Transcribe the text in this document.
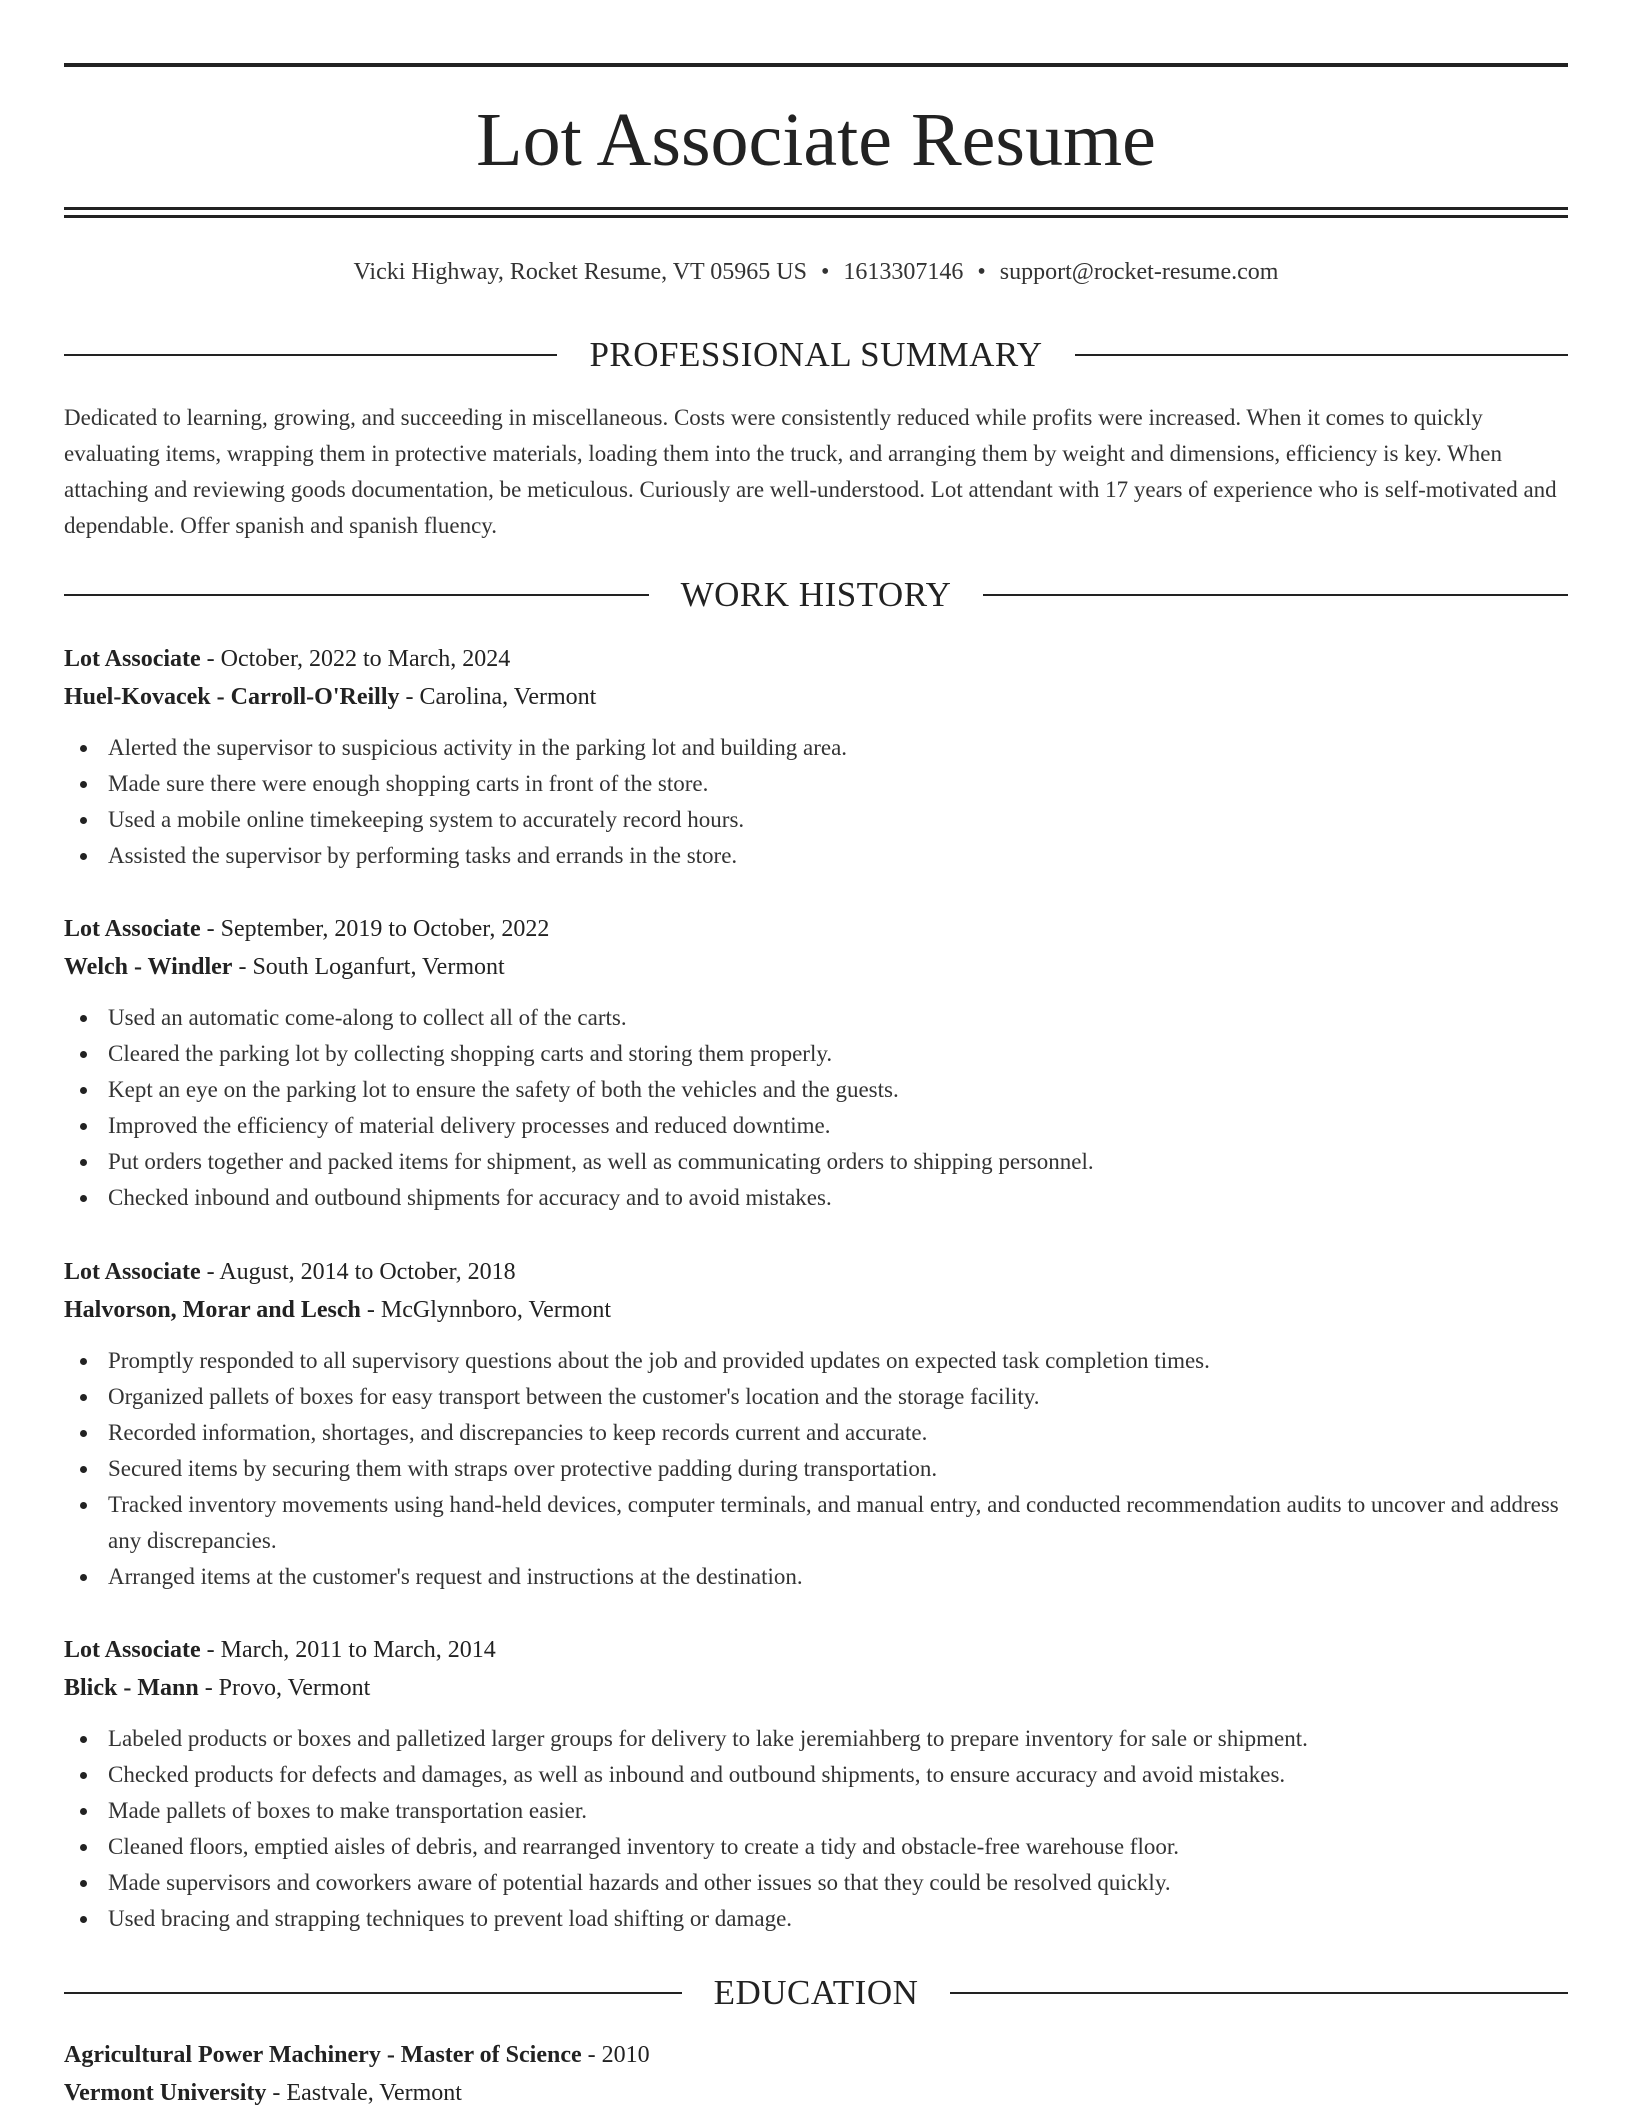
Lot Associate Resume
Vicki Highway, Rocket Resume, VT 05965 US • 1613307146 • support@rocket-resume.com
PROFESSIONAL SUMMARY

Dedicated to learning, growing, and succeeding in miscellaneous. Costs were consistently reduced while profits were increased. When it comes to quickly evaluating items, wrapping them in protective materials, loading them into the truck, and arranging them by weight and dimensions, efficiency is key. When attaching and reviewing goods documentation, be meticulous. Curiously are well-understood. Lot attendant with 17 years of experience who is self-motivated and dependable. Offer spanish and spanish fluency.

WORK HISTORY
Lot Associate - October, 2022 to March, 2024
Huel-Kovacek - Carroll-O'Reilly - Carolina, Vermont
Alerted the supervisor to suspicious activity in the parking lot and building area.
Made sure there were enough shopping carts in front of the store.
Used a mobile online timekeeping system to accurately record hours.
Assisted the supervisor by performing tasks and errands in the store.
Lot Associate - September, 2019 to October, 2022
Welch - Windler - South Loganfurt, Vermont
Used an automatic come-along to collect all of the carts.
Cleared the parking lot by collecting shopping carts and storing them properly.
Kept an eye on the parking lot to ensure the safety of both the vehicles and the guests.
Improved the efficiency of material delivery processes and reduced downtime.
Put orders together and packed items for shipment, as well as communicating orders to shipping personnel.
Checked inbound and outbound shipments for accuracy and to avoid mistakes.
Lot Associate - August, 2014 to October, 2018
Halvorson, Morar and Lesch - McGlynnboro, Vermont
Promptly responded to all supervisory questions about the job and provided updates on expected task completion times.
Organized pallets of boxes for easy transport between the customer's location and the storage facility.
Recorded information, shortages, and discrepancies to keep records current and accurate.
Secured items by securing them with straps over protective padding during transportation.
Tracked inventory movements using hand-held devices, computer terminals, and manual entry, and conducted recommendation audits to uncover and address any discrepancies.
Arranged items at the customer's request and instructions at the destination.
Lot Associate - March, 2011 to March, 2014
Blick - Mann - Provo, Vermont
Labeled products or boxes and palletized larger groups for delivery to lake jeremiahberg to prepare inventory for sale or shipment.
Checked products for defects and damages, as well as inbound and outbound shipments, to ensure accuracy and avoid mistakes.
Made pallets of boxes to make transportation easier.
Cleaned floors, emptied aisles of debris, and rearranged inventory to create a tidy and obstacle-free warehouse floor.
Made supervisors and coworkers aware of potential hazards and other issues so that they could be resolved quickly.
Used bracing and strapping techniques to prevent load shifting or damage.
EDUCATION
Agricultural Power Machinery - Master of Science - 2010
Vermont University - Eastvale, Vermont
